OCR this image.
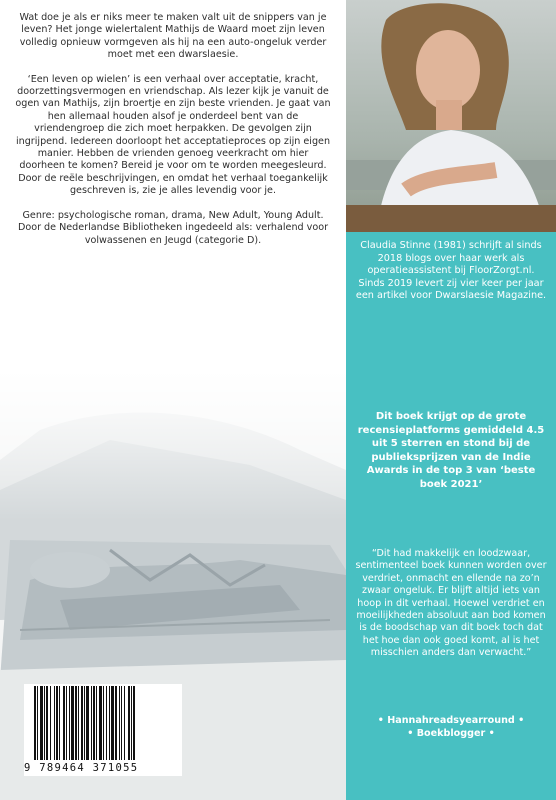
Wat doe je als er niks meer te maken valt uit de snippers van je leven? Het jonge wielertalent Mathijs de Waard moet zijn leven volledig opnieuw vormgeven als hij na een auto-ongeluk verder moet met een dwarslaesie.

‘Een leven op wielen’ is een verhaal over acceptatie, kracht, doorzettingsvermogen en vriendschap. Als lezer kijk je vanuit de ogen van Mathijs, zijn broertje en zijn beste vrienden. Je gaat van hen allemaal houden alsof je onderdeel bent van de vriendengroep die zich moet herpakken. De gevolgen zijn ingrijpend. Iedereen doorloopt het acceptatieproces op zijn eigen manier. Hebben de vrienden genoeg veerkracht om hier doorheen te komen? Bereid je voor om te worden meegesleurd. Door de reële beschrijvingen, en omdat het verhaal toegankelijk geschreven is, zie je alles levendig voor je.

Genre: psychologische roman, drama, New Adult, Young Adult. Door de Nederlandse Bibliotheken ingedeeld als: verhalend voor volwassenen en Jeugd (categorie D).	Claudia Stinne (1981) schrijft al sinds 2018 blogs over haar werk als operatieassistent bij FloorZorgt.nl. Sinds 2019 levert zij vier keer per jaar een artikel voor Dwarslaesie Magazine.
Dit boek krijgt op de grote recensieplatforms gemiddeld 4.5 uit 5 sterren en stond bij de publieksprijzen van de Indie Awards in de top 3 van ‘beste boek 2021’
“Dit had makkelijk en loodzwaar, sentimenteel boek kunnen worden over verdriet, onmacht en ellende na zo’n zwaar ongeluk. Er blijft altijd iets van hoop in dit verhaal. Hoewel verdriet en moeilijkheden absoluut aan bod komen is de boodschap van dit boek toch dat het hoe dan ook goed komt, al is het misschien anders dan verwacht.”
• Hannahreadsyearround •
• Boekblogger •
9 789464 371055
